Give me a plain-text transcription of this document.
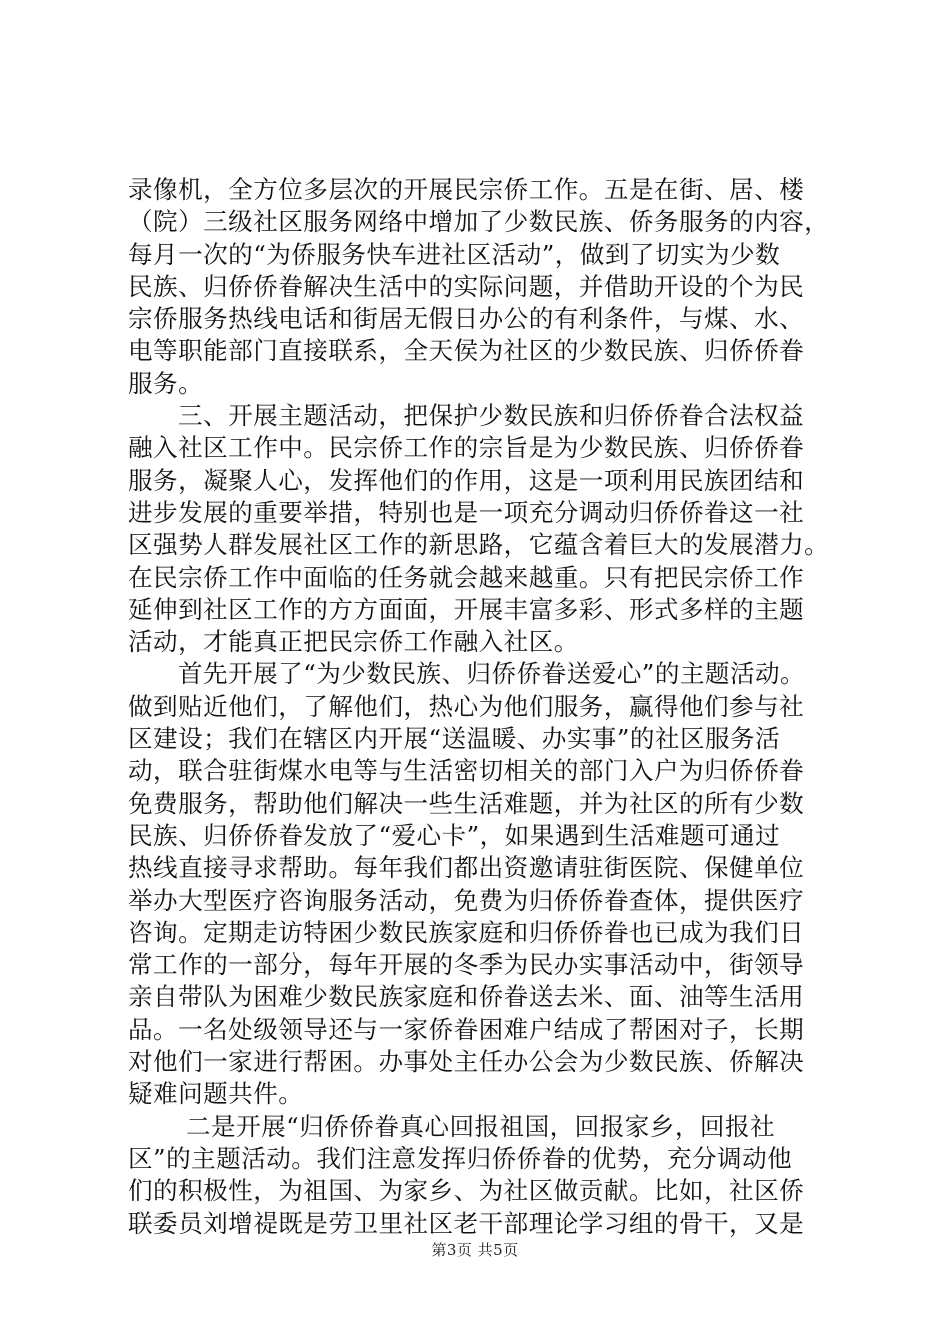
录像机，全方位多层次的开展民宗侨工作。五是在街、居、楼
（院）三级社区服务网络中增加了少数民族、侨务服务的内容，
每月一次的“为侨服务快车进社区活动”，做到了切实为少数
民族、归侨侨眷解决生活中的实际问题，并借助开设的个为民
宗侨服务热线电话和街居无假日办公的有利条件，与煤、水、
电等职能部门直接联系，全天侯为社区的少数民族、归侨侨眷
服务。
三、开展主题活动，把保护少数民族和归侨侨眷合法权益
融入社区工作中。民宗侨工作的宗旨是为少数民族、归侨侨眷
服务，凝聚人心，发挥他们的作用，这是一项利用民族团结和
进步发展的重要举措，特别也是一项充分调动归侨侨眷这一社
区强势人群发展社区工作的新思路，它蕴含着巨大的发展潜力。
在民宗侨工作中面临的任务就会越来越重。只有把民宗侨工作
延伸到社区工作的方方面面，开展丰富多彩、形式多样的主题
活动，才能真正把民宗侨工作融入社区。
首先开展了“为少数民族、归侨侨眷送爱心”的主题活动。
做到贴近他们，了解他们，热心为他们服务，赢得他们参与社
区建设；我们在辖区内开展“送温暖、办实事”的社区服务活
动，联合驻街煤水电等与生活密切相关的部门入户为归侨侨眷
免费服务，帮助他们解决一些生活难题，并为社区的所有少数
民族、归侨侨眷发放了“爱心卡”，如果遇到生活难题可通过
热线直接寻求帮助。每年我们都出资邀请驻街医院、保健单位
举办大型医疗咨询服务活动，免费为归侨侨眷查体，提供医疗
咨询。定期走访特困少数民族家庭和归侨侨眷也已成为我们日
常工作的一部分，每年开展的冬季为民办实事活动中，街领导
亲自带队为困难少数民族家庭和侨眷送去米、面、油等生活用
品。一名处级领导还与一家侨眷困难户结成了帮困对子，长期
对他们一家进行帮困。办事处主任办公会为少数民族、侨解决
疑难问题共件。
二是开展“归侨侨眷真心回报祖国，回报家乡，回报社
区”的主题活动。我们注意发挥归侨侨眷的优势，充分调动他
们的积极性，为祖国、为家乡、为社区做贡献。比如，社区侨
联委员刘增禔既是劳卫里社区老干部理论学习组的骨干，又是
第3页 共5页
